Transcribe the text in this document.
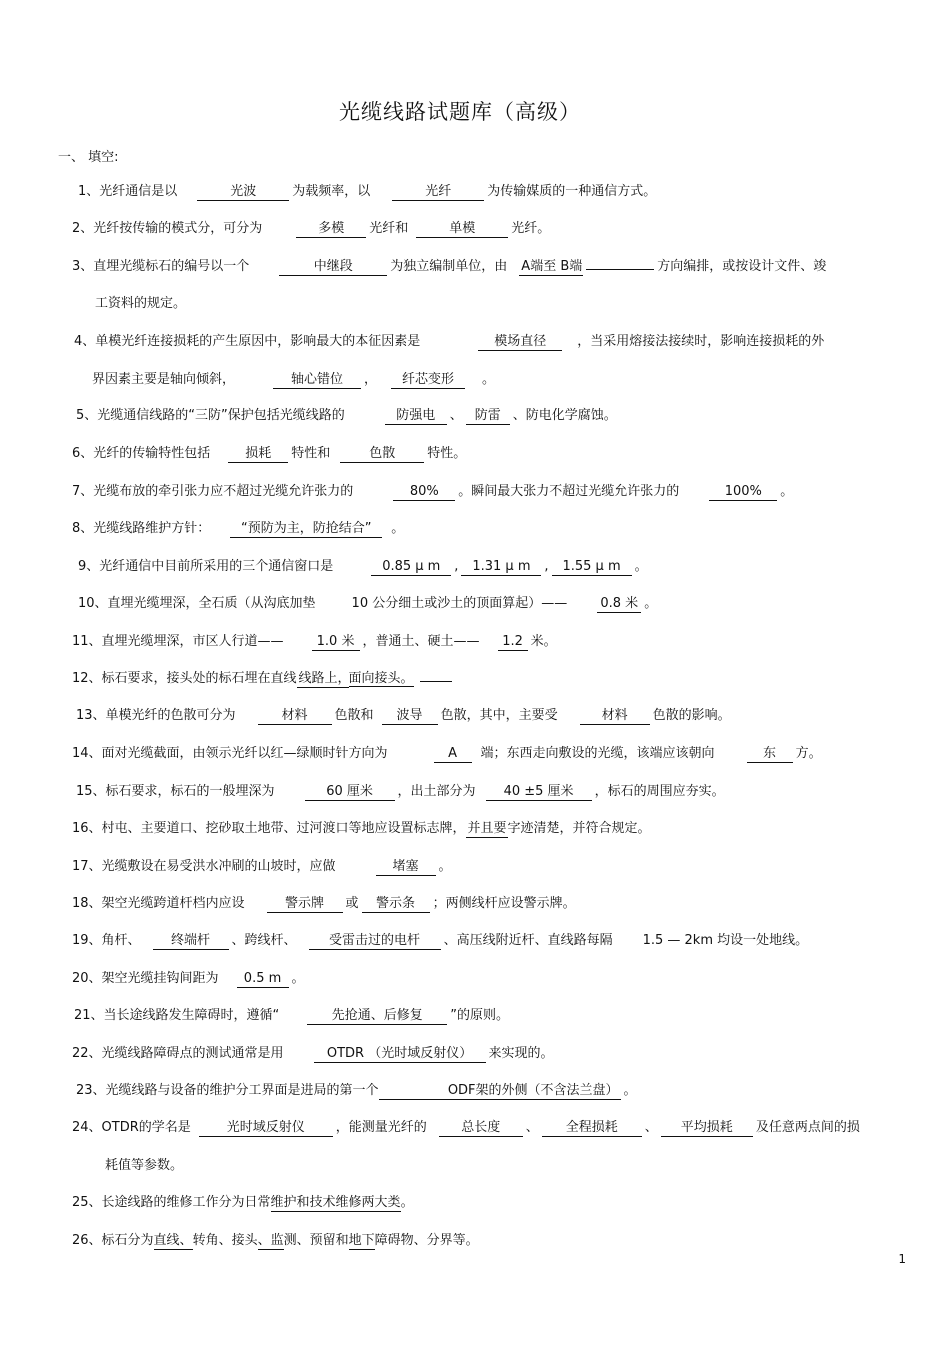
光缆线路试题库（高级）
一、 填空:
1、光纤通信是以	光波	为载频率，以	光纤	为传输媒质的一种通信方式。
2、光纤按传输的模式分，可分为	多模 光纤和	单模	光纤。
3、直埋光缆标石的编号以一个	中继段	为独立编制单位，由 A端至 B端	方向编排，或按设计文件、竣
工资料的规定。
4、单模光纤连接损耗的产生原因中，影响最大的本征因素是	模场直径 ，当采用熔接法接续时，影响连接损耗的外
界因素主要是轴向倾斜，	轴心错位 ， 纤芯变形 。
5、光缆通信线路的“三防”保护包括光缆线路的	防强电 、 防雷 、防电化学腐蚀。
6、光纤的传输特性包括	损耗 特性和	色散 特性。
7、光缆布放的牵引张力应不超过光缆允许张力的	80% 。瞬间最大张力不超过光缆允许张力的	100% 。
8、光缆线路维护方针： “预防为主，防抢结合” 。
9、光纤通信中目前所采用的三个通信窗口是	0.85 μ m , 1.31 μ m , 1.55 μ m 。
10、直埋光缆埋深，全石质（从沟底加垫	10 公分细土或沙土的顶面算起）——	0.8 米 。
11、直埋光缆埋深，市区人行道——	1.0 米 ，普通土、硬土—— 1.2 米。
12、标石要求，接头处的标石埋在直线 线路上，面向接头。
13、单模光纤的色散可分为	材料 色散和 波导 色散，其中，主要受	材料 色散的影响。
14、面对光缆截面，由领示光纤以红—绿顺时针方向为	A 端；东西走向敷设的光缆，该端应该朝向	东 方。
15、标石要求，标石的一般埋深为	60 厘米 ，出土部分为 40 ±5 厘米 ，标石的周围应夯实。
16、村屯、主要道口、挖砂取土地带、过河渡口等地应设置标志牌， 并且要字迹清楚，并符合规定。
17、光缆敷设在易受洪水冲刷的山坡时，应做	堵塞 。
18、架空光缆跨道杆档内应设	警示牌 或 警示条 ；两侧线杆应设警示牌。
19、角杆、 终端杆 、跨线杆、 受雷击过的电杆 、高压线附近杆、直线路每隔 1.5 — 2km 均设一处地线。
20、架空光缆挂钩间距为 0.5 m 。
21、当长途线路发生障碍时，遵循“	先抢通、后修复 ”的原则。
22、光缆线路障碍点的测试通常是用	OTDR （光时域反射仪） 来实现的。
23、光缆线路与设备的维护分工界面是进局的第一个	ODF架的外侧（不含法兰盘） 。
24、OTDR的学名是	光时域反射仪 ，能测量光纤的	总长度 、 全程损耗 、 平均损耗 及任意两点间的损
耗值等参数。
25、长途线路的维修工作分为日常维护和技术维修两大类。
26、标石分为直线、转角、接头、监测、预留和地下障碍物、分界等。
1
